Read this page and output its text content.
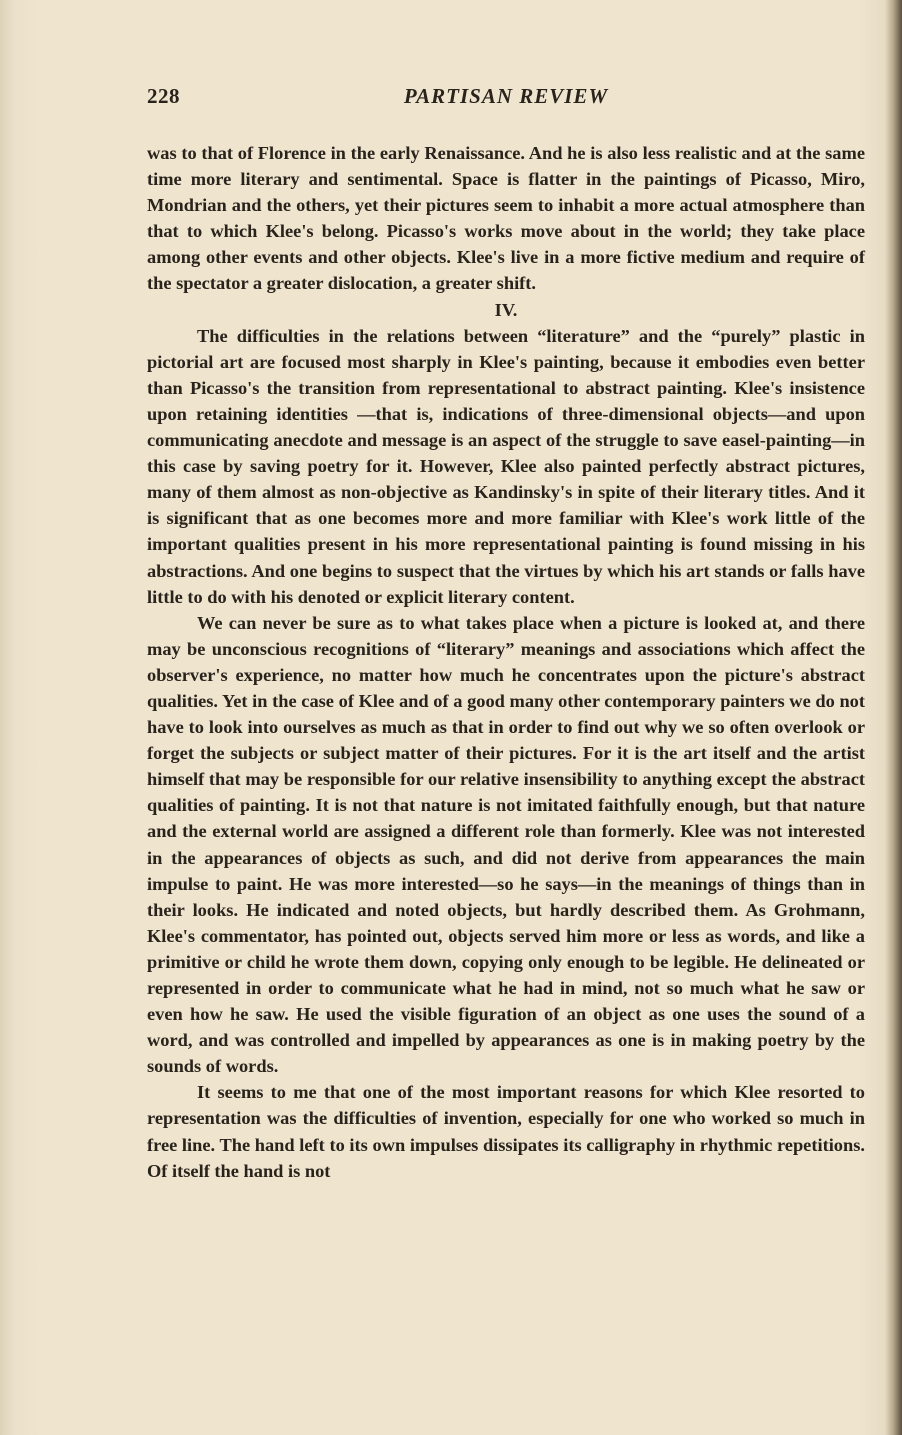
228	PARTISAN REVIEW

was to that of Florence in the early Renaissance. And he is also less realistic and at the same time more literary and sentimental. Space is flatter in the paintings of Picasso, Miro, Mondrian and the others, yet their pictures seem to inhabit a more actual atmosphere than that to which Klee's belong. Picasso's works move about in the world; they take place among other events and other objects. Klee's live in a more fictive medium and require of the spectator a greater dislocation, a greater shift.

IV.

The difficulties in the relations between “literature” and the “purely” plastic in pictorial art are focused most sharply in Klee's painting, because it embodies even better than Picasso's the transition from representational to abstract painting. Klee's insistence upon retaining identities —that is, indications of three-dimensional objects—and upon communicating anecdote and message is an aspect of the struggle to save easel-painting—in this case by saving poetry for it. However, Klee also painted perfectly abstract pictures, many of them almost as non-objective as Kandinsky's in spite of their literary titles. And it is significant that as one becomes more and more familiar with Klee's work little of the important qualities present in his more representational painting is found missing in his abstractions. And one begins to suspect that the virtues by which his art stands or falls have little to do with his denoted or explicit literary content.

We can never be sure as to what takes place when a picture is looked at, and there may be unconscious recognitions of “literary” meanings and associations which affect the observer's experience, no matter how much he concentrates upon the picture's abstract qualities. Yet in the case of Klee and of a good many other contemporary painters we do not have to look into ourselves as much as that in order to find out why we so often overlook or forget the subjects or subject matter of their pictures. For it is the art itself and the artist himself that may be responsible for our relative insensibility to anything except the abstract qualities of painting. It is not that nature is not imitated faithfully enough, but that nature and the external world are assigned a different role than formerly. Klee was not interested in the appearances of objects as such, and did not derive from appearances the main impulse to paint. He was more interested—so he says—in the meanings of things than in their looks. He indicated and noted objects, but hardly described them. As Grohmann, Klee's commentator, has pointed out, objects served him more or less as words, and like a primitive or child he wrote them down, copying only enough to be legible. He delineated or represented in order to communicate what he had in mind, not so much what he saw or even how he saw. He used the visible figuration of an object as one uses the sound of a word, and was controlled and impelled by appearances as one is in making poetry by the sounds of words.

It seems to me that one of the most important reasons for which Klee resorted to representation was the difficulties of invention, especially for one who worked so much in free line. The hand left to its own impulses dissipates its calligraphy in rhythmic repetitions. Of itself the hand is not
